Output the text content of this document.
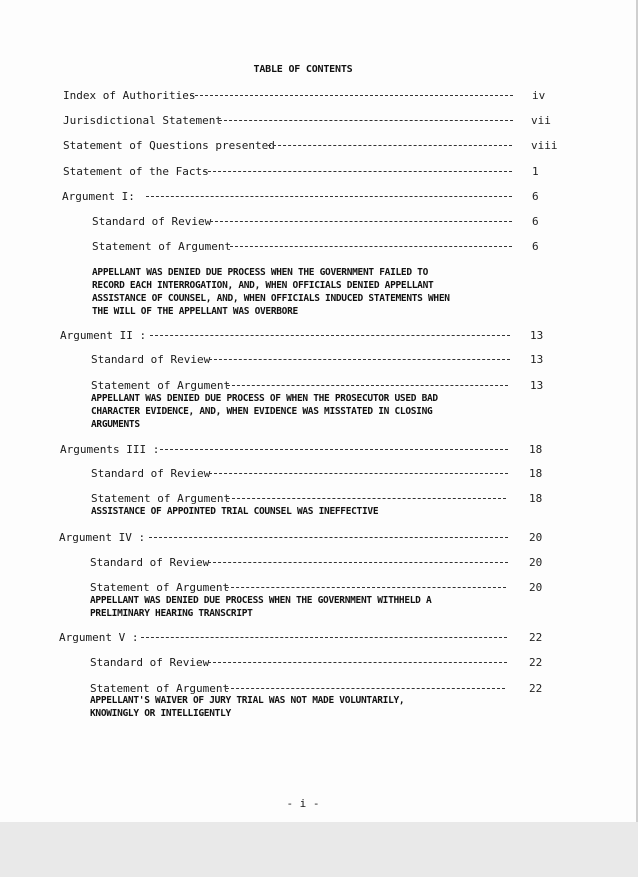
TABLE OF CONTENTS
Index of Authorities	iv
Jurisdictional Statement	vii
Statement of Questions presented	viii
Statement of the Facts	1
Argument I:	6
Standard of Review	6
Statement of Argument	6
APPELLANT WAS DENIED DUE PROCESS WHEN THE GOVERNMENT FAILED TO
RECORD EACH INTERROGATION, AND, WHEN OFFICIALS DENIED APPELLANT
ASSISTANCE OF COUNSEL, AND, WHEN OFFICIALS INDUCED STATEMENTS WHEN
THE WILL OF THE APPELLANT WAS OVERBORE
Argument II :	13
Standard of Review	13
Statement of Argument	13
APPELLANT WAS DENIED DUE PROCESS OF WHEN THE PROSECUTOR USED BAD
CHARACTER EVIDENCE, AND, WHEN EVIDENCE WAS MISSTATED IN CLOSING
ARGUMENTS
Arguments III :	18
Standard of Review	18
Statement of Argument	18
ASSISTANCE OF APPOINTED TRIAL COUNSEL WAS INEFFECTIVE
Argument IV :	20
Standard of Review	20
Statement of Argument	20
APPELLANT WAS DENIED DUE PROCESS WHEN THE GOVERNMENT WITHHELD A
PRELIMINARY HEARING TRANSCRIPT
Argument V :	22
Standard of Review	22
Statement of Argument	22
APPELLANT'S WAIVER OF JURY TRIAL WAS NOT MADE VOLUNTARILY,
KNOWINGLY OR INTELLIGENTLY
- i -
